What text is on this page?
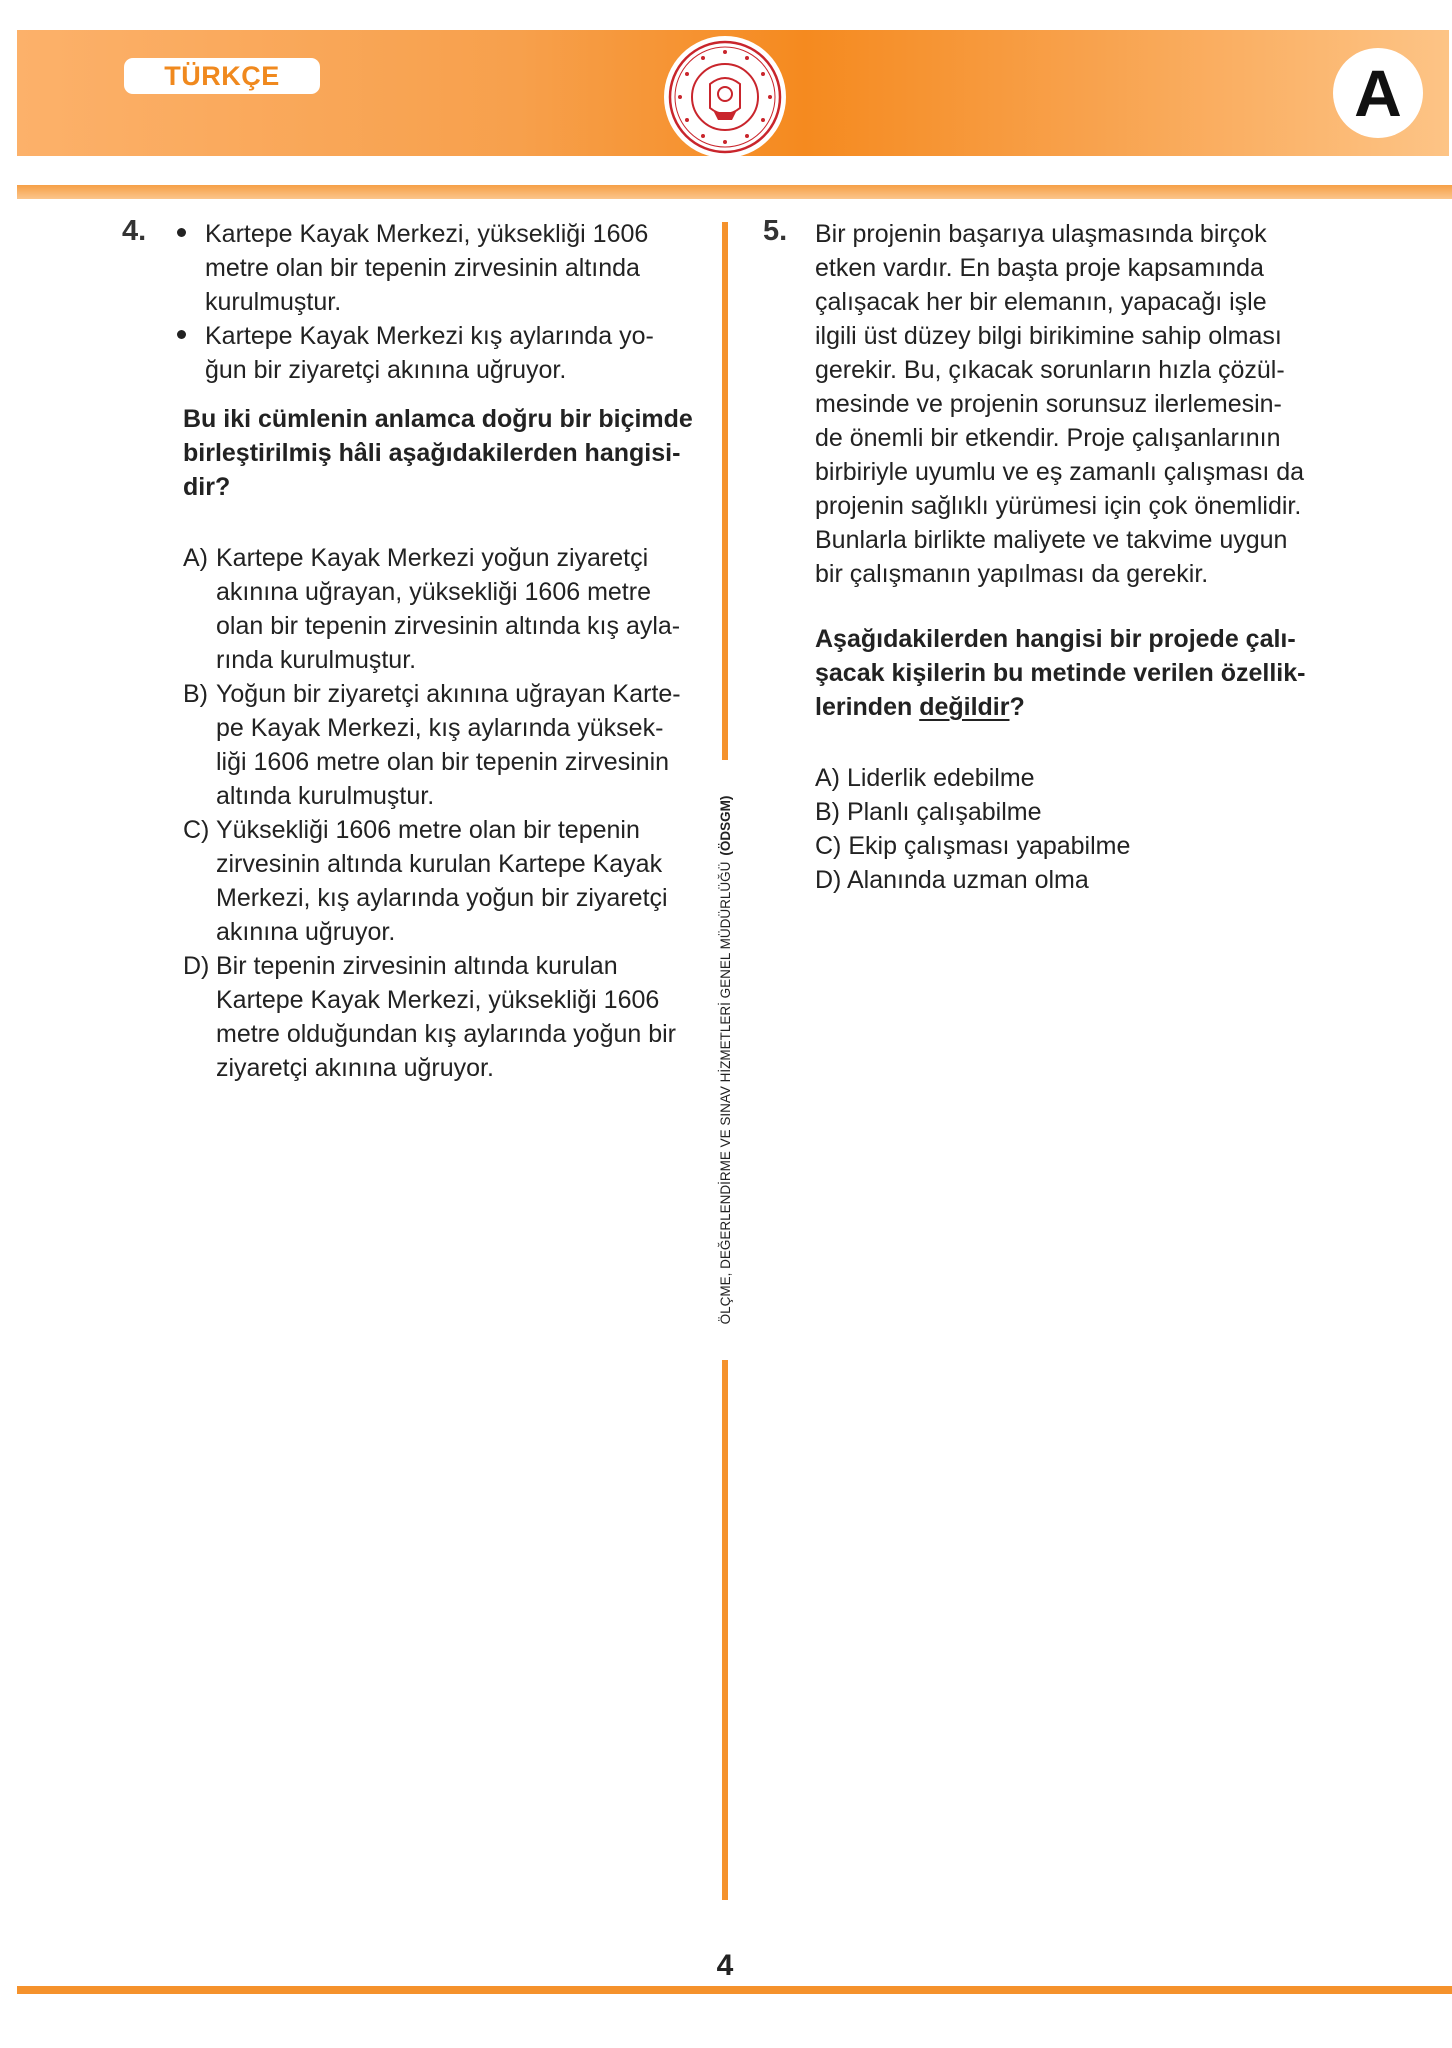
TÜRKÇE	A
ÖLÇME, DEĞERLENDİRME VE SINAV HİZMETLERİ GENEL MÜDÜRLÜĞÜ
(ÖDSGM)
4. Kartepe Kayak Merkezi, yüksekliği 1606
metre olan bir tepenin zirvesinin altında
kurulmuştur.
Kartepe Kayak Merkezi kış aylarında yo-
ğun bir ziyaretçi akınına uğruyor.
Bu iki cümlenin anlamca doğru bir biçimde
birleştirilmiş hâli aşağıdakilerden hangisi-
dir?
A) Kartepe Kayak Merkezi yoğun ziyaretçi
akınına uğrayan, yüksekliği 1606 metre
olan bir tepenin zirvesinin altında kış ayla-
rında kurulmuştur.
B) Yoğun bir ziyaretçi akınına uğrayan Karte-
pe Kayak Merkezi, kış aylarında yüksek-
liği 1606 metre olan bir tepenin zirvesinin
altında kurulmuştur.
C) Yüksekliği 1606 metre olan bir tepenin
zirvesinin altında kurulan Kartepe Kayak
Merkezi, kış aylarında yoğun bir ziyaretçi
akınına uğruyor.
D) Bir tepenin zirvesinin altında kurulan
Kartepe Kayak Merkezi, yüksekliği 1606
metre olduğundan kış aylarında yoğun bir
ziyaretçi akınına uğruyor.
5. Bir projenin başarıya ulaşmasında birçok
etken vardır. En başta proje kapsamında
çalışacak her bir elemanın, yapacağı işle
ilgili üst düzey bilgi birikimine sahip olması
gerekir. Bu, çıkacak sorunların hızla çözül-
mesinde ve projenin sorunsuz ilerlemesin-
de önemli bir etkendir. Proje çalışanlarının
birbiriyle uyumlu ve eş zamanlı çalışması da
projenin sağlıklı yürümesi için çok önemlidir.
Bunlarla birlikte maliyete ve takvime uygun
bir çalışmanın yapılması da gerekir.
Aşağıdakilerden hangisi bir projede çalı-
şacak kişilerin bu metinde verilen özellik-
lerinden değildir?
A) Liderlik edebilme
B) Planlı çalışabilme
C) Ekip çalışması yapabilme
D) Alanında uzman olma
4
